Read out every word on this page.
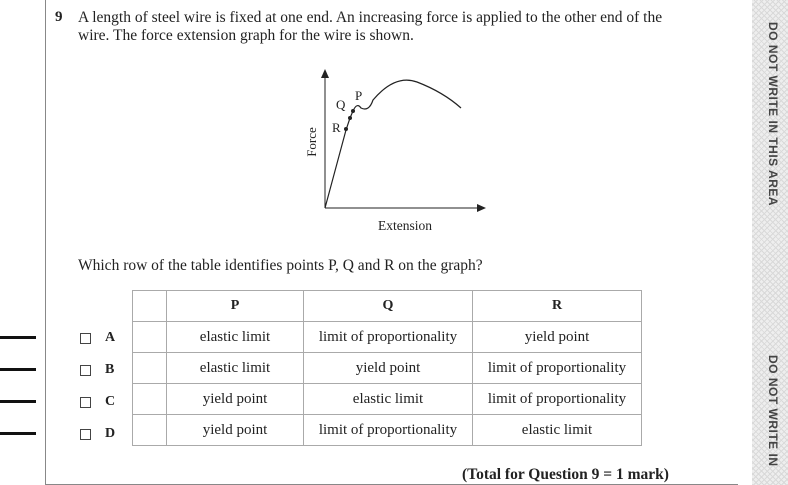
9 A length of steel wire is fixed at one end. An increasing force is applied to the other end of the wire. The force extension graph for the wire is shown.
P
Q
R
Force
Extension
Which row of the table identifies points P, Q and R on the graph?
	P	Q	R
	elastic limit	limit of proportionality	yield point
	elastic limit	yield point	limit of proportionality
	yield point	elastic limit	limit of proportionality
	yield point	limit of proportionality	elastic limit
A
B
C
D
(Total for Question 9 = 1 mark)
DO NOT WRITE IN THIS AREA
DO NOT WRITE IN
